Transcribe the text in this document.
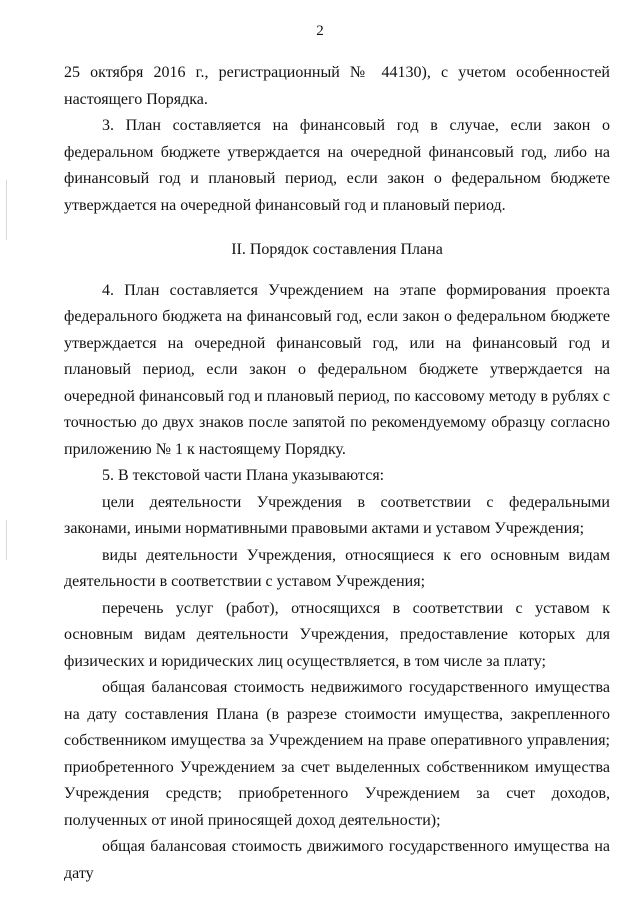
2

25 октября 2016 г., регистрационный № 44130), с учетом особенностей настоящего Порядка.

3. План составляется на финансовый год в случае, если закон о федеральном бюджете утверждается на очередной финансовый год, либо на финансовый год и плановый период, если закон о федеральном бюджете утверждается на очередной финансовый год и плановый период.

II. Порядок составления Плана

4. План составляется Учреждением на этапе формирования проекта федерального бюджета на финансовый год, если закон о федеральном бюджете утверждается на очередной финансовый год, или на финансовый год и плановый период, если закон о федеральном бюджете утверждается на очередной финансовый год и плановый период, по кассовому методу в рублях с точностью до двух знаков после запятой по рекомендуемому образцу согласно приложению № 1 к настоящему Порядку.

5. В текстовой части Плана указываются:

цели деятельности Учреждения в соответствии с федеральными законами, иными нормативными правовыми актами и уставом Учреждения;

виды деятельности Учреждения, относящиеся к его основным видам деятельности в соответствии с уставом Учреждения;

перечень услуг (работ), относящихся в соответствии с уставом к основным видам деятельности Учреждения, предоставление которых для физических и юридических лиц осуществляется, в том числе за плату;

общая балансовая стоимость недвижимого государственного имущества на дату составления Плана (в разрезе стоимости имущества, закрепленного собственником имущества за Учреждением на праве оперативного управления; приобретенного Учреждением за счет выделенных собственником имущества Учреждения средств; приобретенного Учреждением за счет доходов, полученных от иной приносящей доход деятельности);

общая балансовая стоимость движимого государственного имущества на дату
